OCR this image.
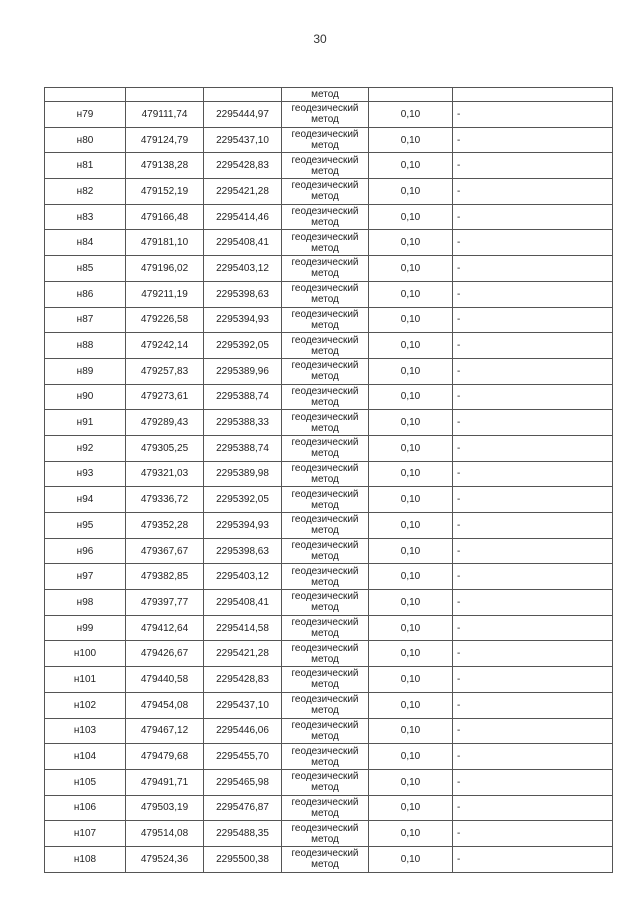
30
			метод		
н79	479111,74	2295444,97	геодезический метод	0,10	-
н80	479124,79	2295437,10	геодезический метод	0,10	-
н81	479138,28	2295428,83	геодезический метод	0,10	-
н82	479152,19	2295421,28	геодезический метод	0,10	-
н83	479166,48	2295414,46	геодезический метод	0,10	-
н84	479181,10	2295408,41	геодезический метод	0,10	-
н85	479196,02	2295403,12	геодезический метод	0,10	-
н86	479211,19	2295398,63	геодезический метод	0,10	-
н87	479226,58	2295394,93	геодезический метод	0,10	-
н88	479242,14	2295392,05	геодезический метод	0,10	-
н89	479257,83	2295389,96	геодезический метод	0,10	-
н90	479273,61	2295388,74	геодезический метод	0,10	-
н91	479289,43	2295388,33	геодезический метод	0,10	-
н92	479305,25	2295388,74	геодезический метод	0,10	-
н93	479321,03	2295389,98	геодезический метод	0,10	-
н94	479336,72	2295392,05	геодезический метод	0,10	-
н95	479352,28	2295394,93	геодезический метод	0,10	-
н96	479367,67	2295398,63	геодезический метод	0,10	-
н97	479382,85	2295403,12	геодезический метод	0,10	-
н98	479397,77	2295408,41	геодезический метод	0,10	-
н99	479412,64	2295414,58	геодезический метод	0,10	-
н100	479426,67	2295421,28	геодезический метод	0,10	-
н101	479440,58	2295428,83	геодезический метод	0,10	-
н102	479454,08	2295437,10	геодезический метод	0,10	-
н103	479467,12	2295446,06	геодезический метод	0,10	-
н104	479479,68	2295455,70	геодезический метод	0,10	-
н105	479491,71	2295465,98	геодезический метод	0,10	-
н106	479503,19	2295476,87	геодезический метод	0,10	-
н107	479514,08	2295488,35	геодезический метод	0,10	-
н108	479524,36	2295500,38	геодезический метод	0,10	-
